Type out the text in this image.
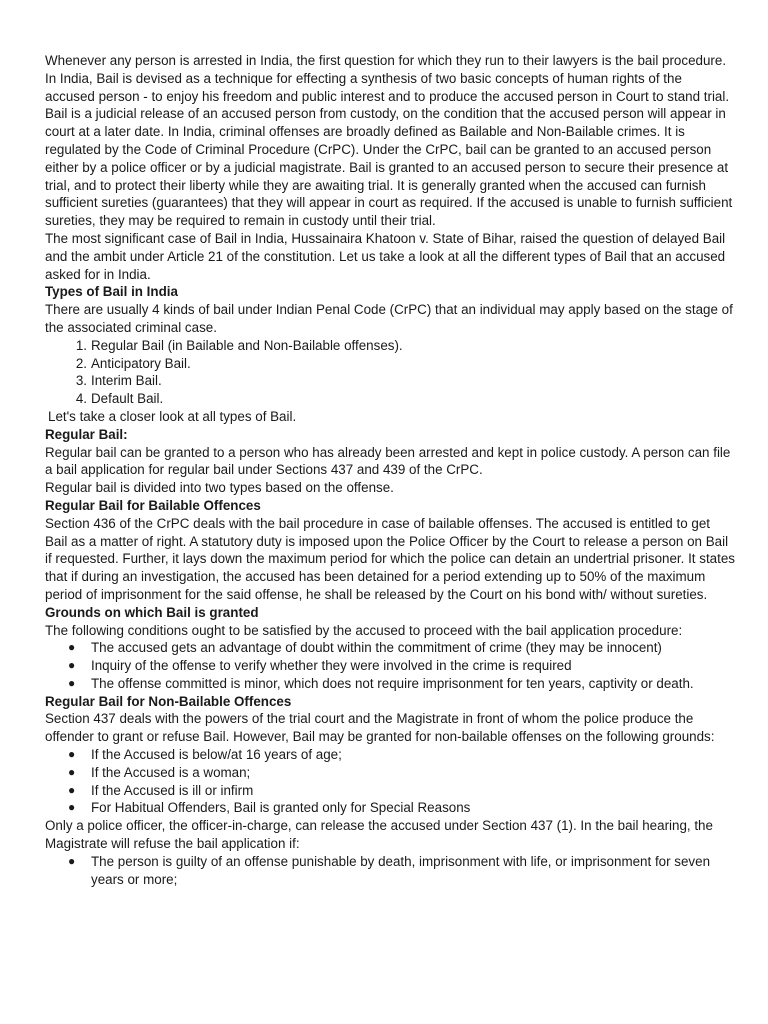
Whenever any person is arrested in India, the first question for which they run to their lawyers is the bail procedure. In India, Bail is devised as a technique for effecting a synthesis of two basic concepts of human rights of the accused person - to enjoy his freedom and public interest and to produce the accused person in Court to stand trial.

Bail is a judicial release of an accused person from custody, on the condition that the accused person will appear in court at a later date. In India, criminal offenses are broadly defined as Bailable and Non-Bailable crimes. It is regulated by the Code of Criminal Procedure (CrPC). Under the CrPC, bail can be granted to an accused person either by a police officer or by a judicial magistrate. Bail is granted to an accused person to secure their presence at trial, and to protect their liberty while they are awaiting trial. It is generally granted when the accused can furnish sufficient sureties (guarantees) that they will appear in court as required. If the accused is unable to furnish sufficient sureties, they may be required to remain in custody until their trial.

The most significant case of Bail in India, Hussainaira Khatoon v. State of Bihar, raised the question of delayed Bail and the ambit under Article 21 of the constitution. Let us take a look at all the different types of Bail that an accused asked for in India.

Types of Bail in India

There are usually 4 kinds of bail under Indian Penal Code (CrPC) that an individual may apply based on the stage of the associated criminal case.

1. Regular Bail (in Bailable and Non-Bailable offenses).
2. Anticipatory Bail.
3. Interim Bail.
4. Default Bail.

Let's take a closer look at all types of Bail.

Regular Bail:

Regular bail can be granted to a person who has already been arrested and kept in police custody. A person can file a bail application for regular bail under Sections 437 and 439 of the CrPC.

Regular bail is divided into two types based on the offense.

Regular Bail for Bailable Offences

Section 436 of the CrPC deals with the bail procedure in case of bailable offenses. The accused is entitled to get Bail as a matter of right. A statutory duty is imposed upon the Police Officer by the Court to release a person on Bail if requested. Further, it lays down the maximum period for which the police can detain an undertrial prisoner. It states that if during an investigation, the accused has been detained for a period extending up to 50% of the maximum period of imprisonment for the said offense, he shall be released by the Court on his bond with/ without sureties.

Grounds on which Bail is granted

The following conditions ought to be satisfied by the accused to proceed with the bail application procedure:

● The accused gets an advantage of doubt within the commitment of crime (they may be innocent)
● Inquiry of the offense to verify whether they were involved in the crime is required
● The offense committed is minor, which does not require imprisonment for ten years, captivity or death.

Regular Bail for Non-Bailable Offences

Section 437 deals with the powers of the trial court and the Magistrate in front of whom the police produce the offender to grant or refuse Bail. However, Bail may be granted for non-bailable offenses on the following grounds:

● If the Accused is below/at 16 years of age;
● If the Accused is a woman;
● If the Accused is ill or infirm
● For Habitual Offenders, Bail is granted only for Special Reasons

Only a police officer, the officer-in-charge, can release the accused under Section 437 (1). In the bail hearing, the Magistrate will refuse the bail application if:

● The person is guilty of an offense punishable by death, imprisonment with life, or imprisonment for seven years or more;
